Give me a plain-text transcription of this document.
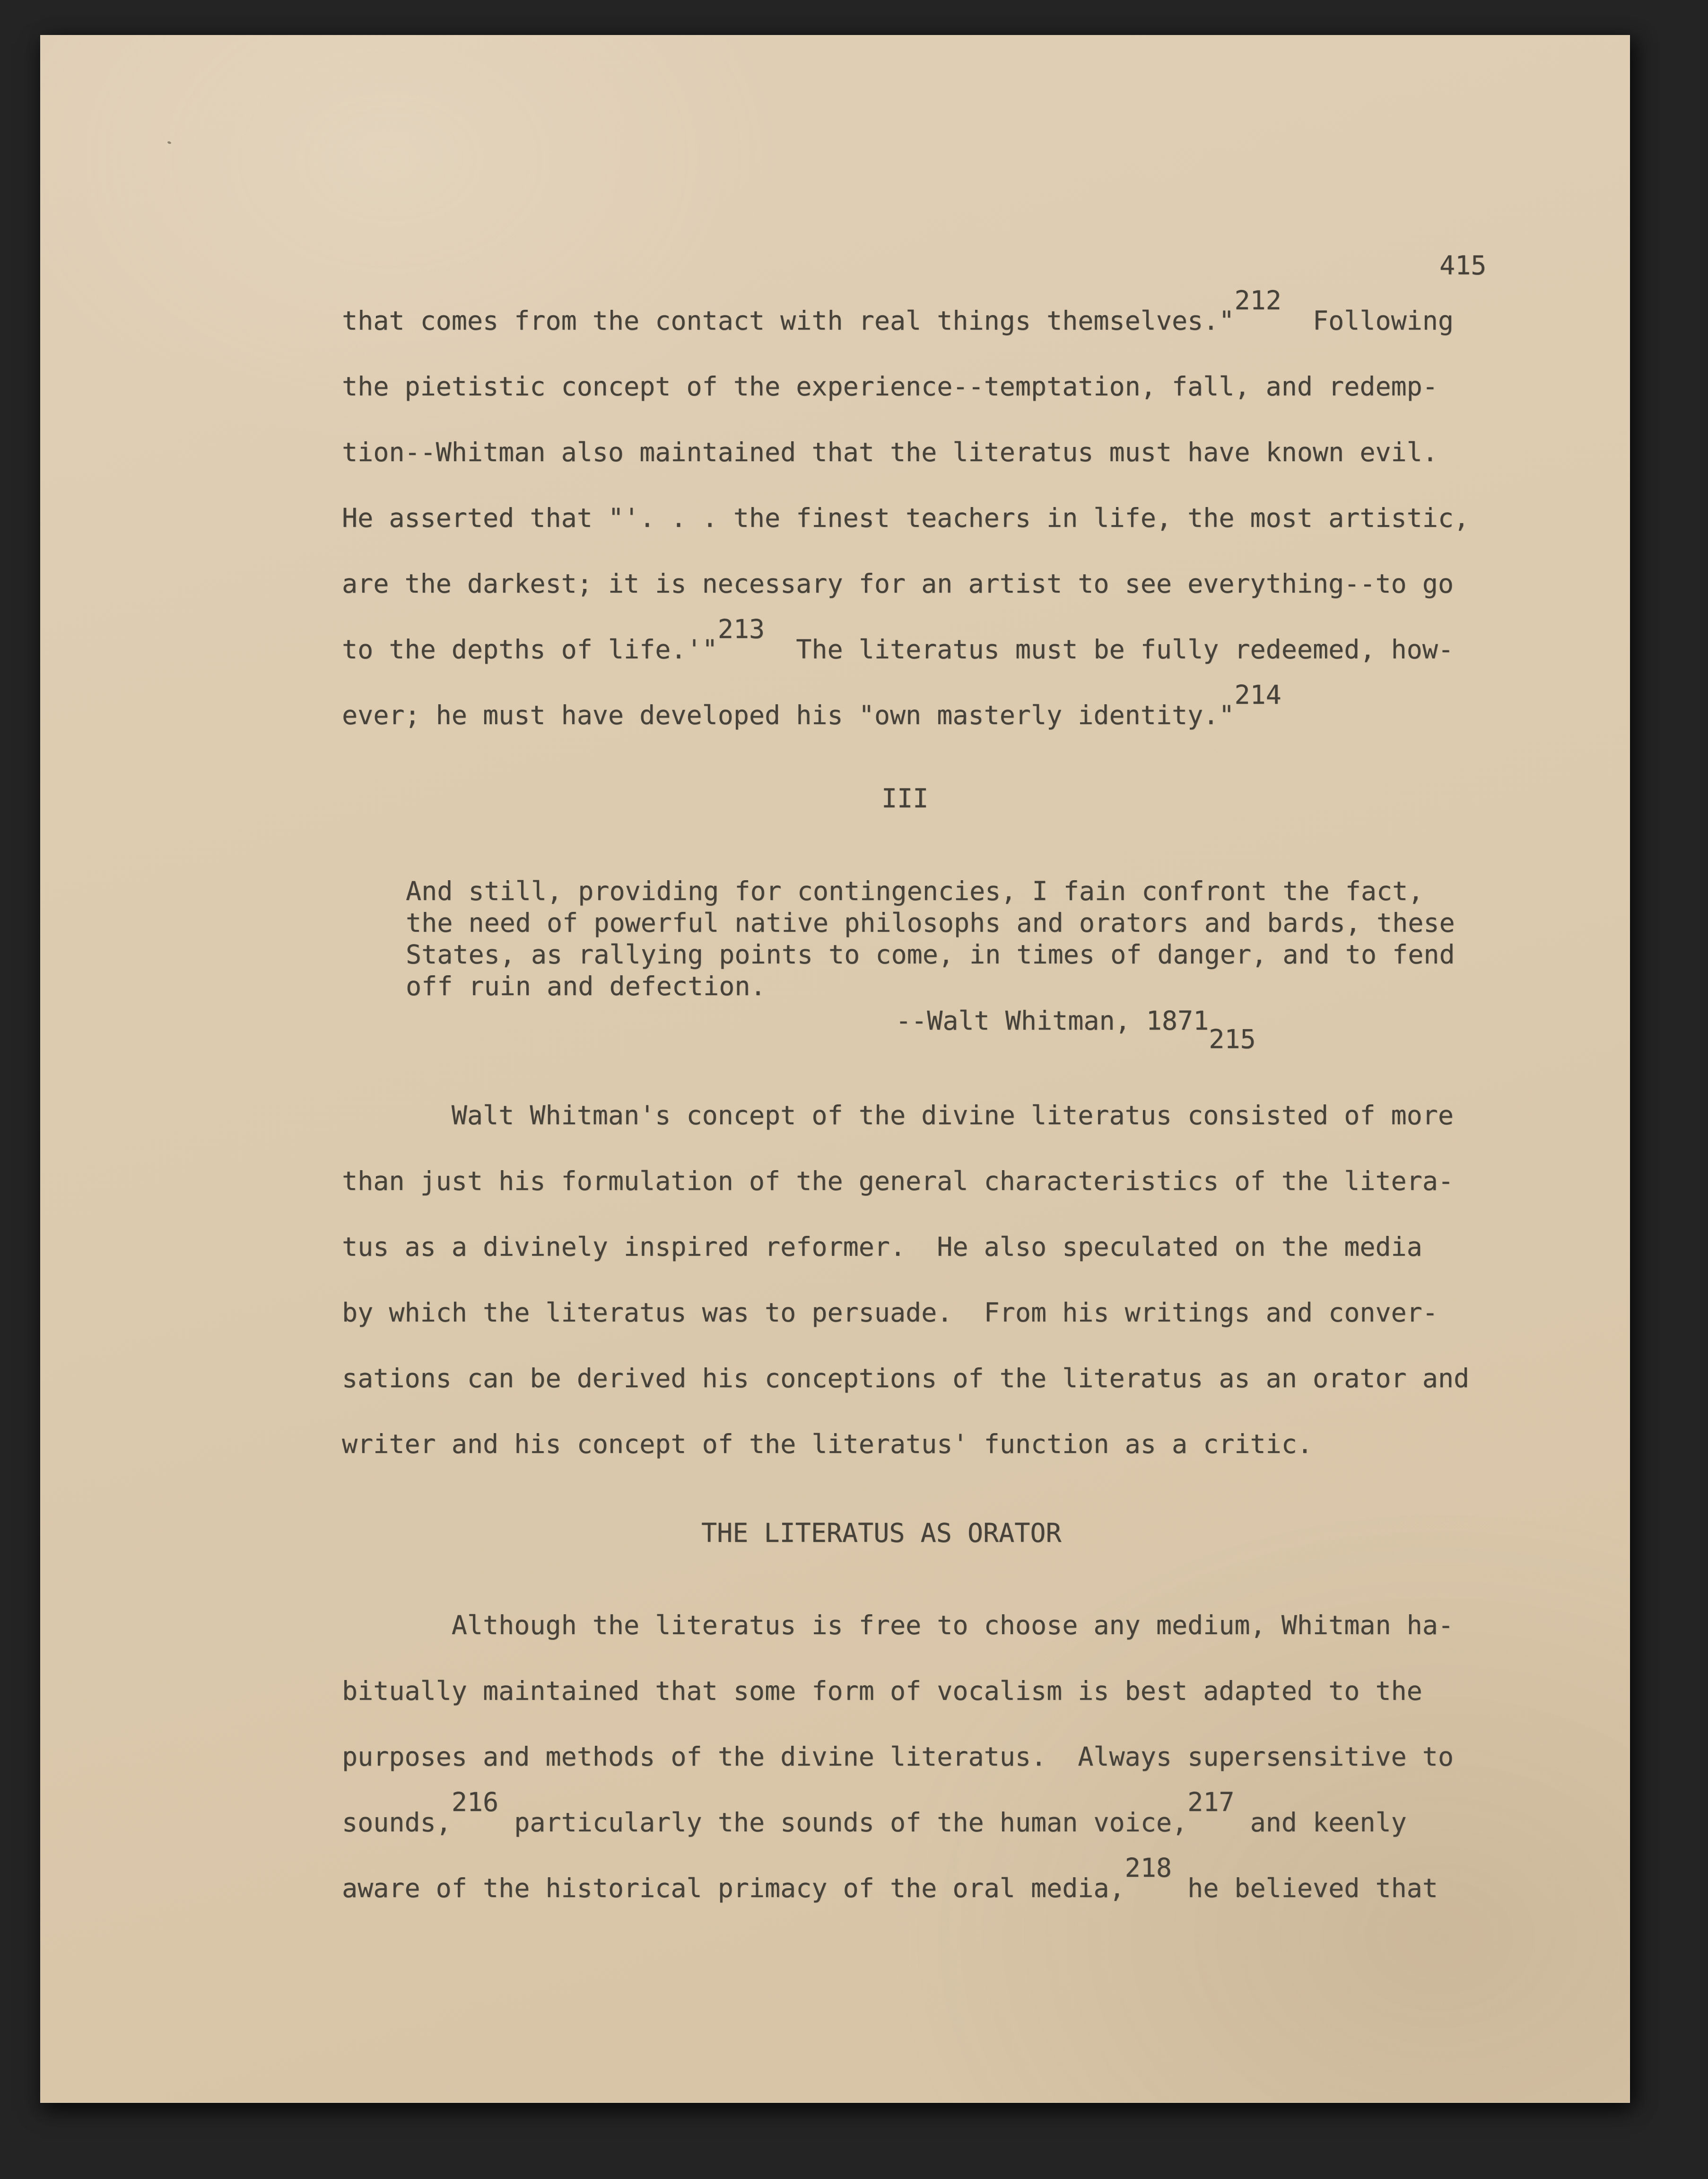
415
that comes from the contact with real things themselves."212  Following
the pietistic concept of the experience--temptation, fall, and redemp-
tion--Whitman also maintained that the literatus must have known evil.
He asserted that "'. . . the finest teachers in life, the most artistic,
are the darkest; it is necessary for an artist to see everything--to go
to the depths of life.'"213  The literatus must be fully redeemed, how-
ever; he must have developed his "own masterly identity."214
III
And still, providing for contingencies, I fain confront the fact,
the need of powerful native philosophs and orators and bards, these
States, as rallying points to come, in times of danger, and to fend
off ruin and defection.
--Walt Whitman, 1871215
Walt Whitman's concept of the divine literatus consisted of more
than just his formulation of the general characteristics of the litera-
tus as a divinely inspired reformer.  He also speculated on the media
by which the literatus was to persuade.  From his writings and conver-
sations can be derived his conceptions of the literatus as an orator and
writer and his concept of the literatus' function as a critic.
THE LITERATUS AS ORATOR
Although the literatus is free to choose any medium, Whitman ha-
bitually maintained that some form of vocalism is best adapted to the
purposes and methods of the divine literatus.  Always supersensitive to
sounds,216 particularly the sounds of the human voice,217 and keenly
aware of the historical primacy of the oral media,218 he believed that
